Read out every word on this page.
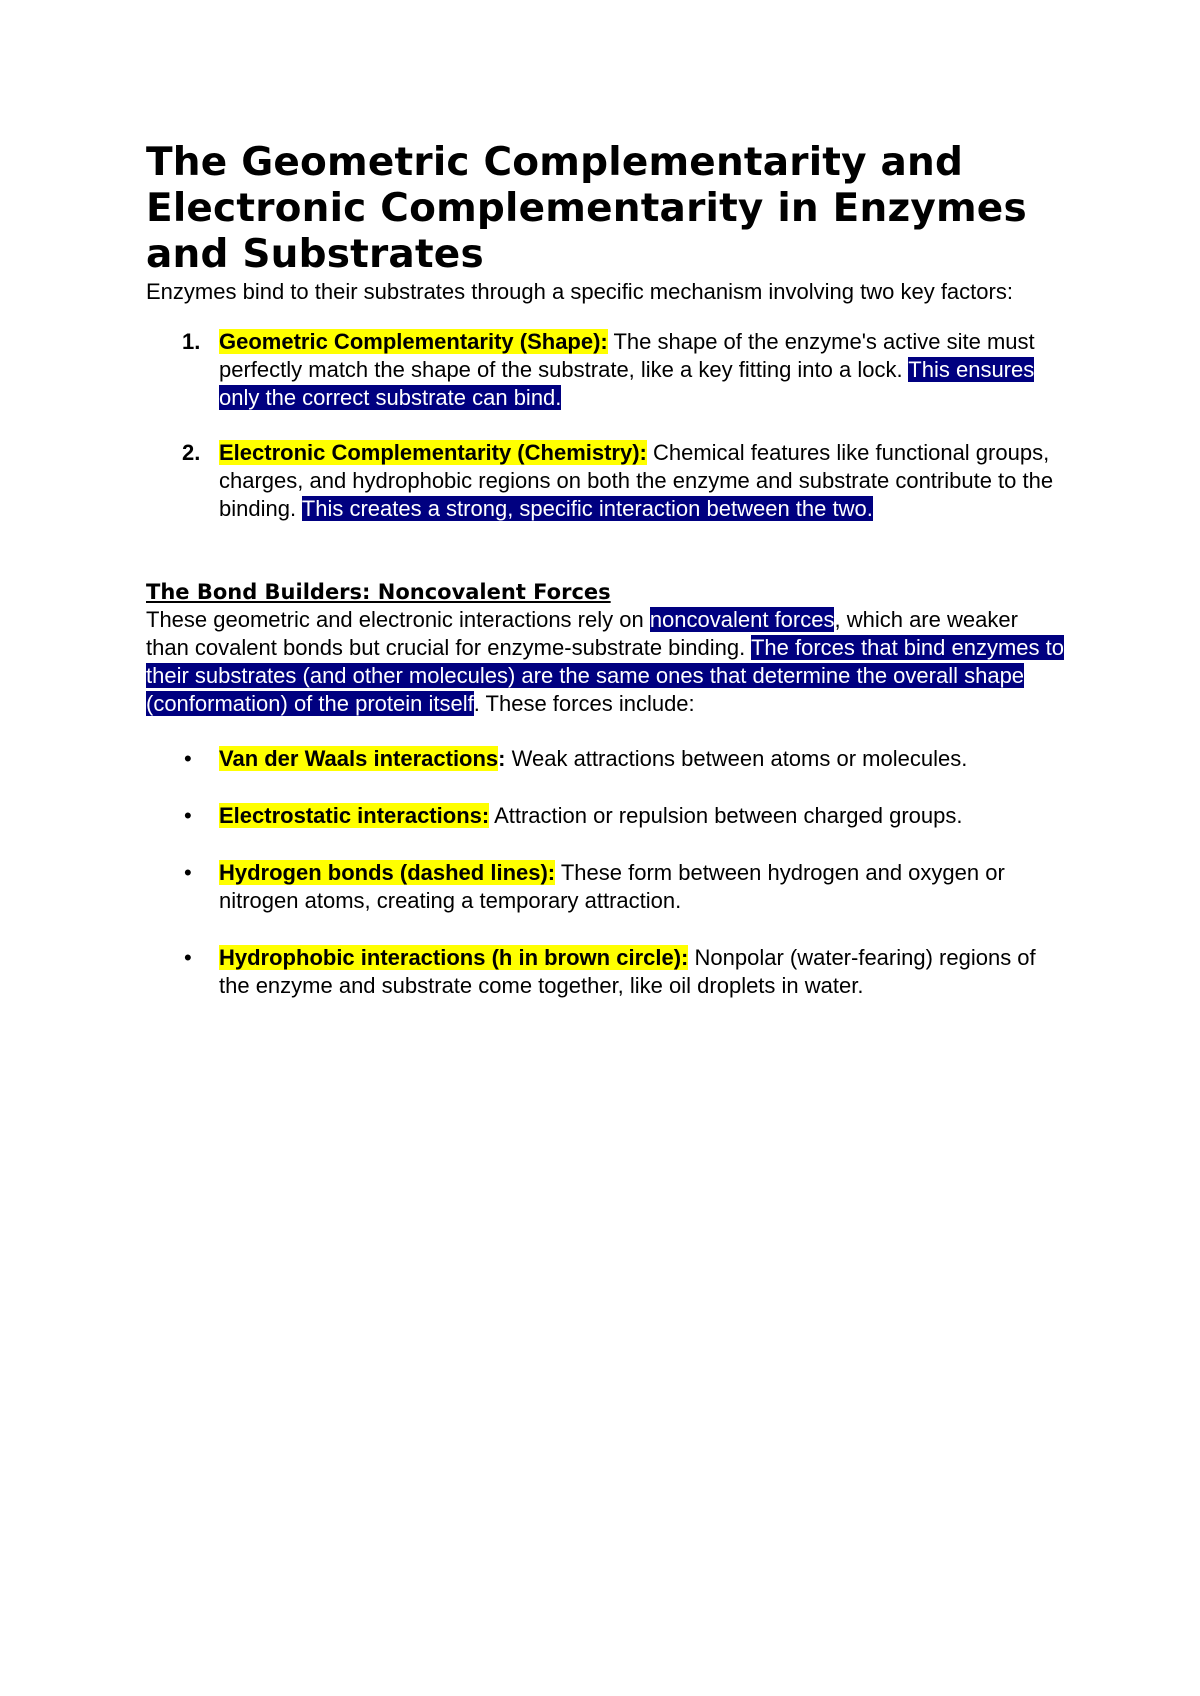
The Geometric Complementarity and Electronic Complementarity in Enzymes and Substrates

Enzymes bind to their substrates through a specific mechanism involving two key factors:

1. Geometric Complementarity (Shape): The shape of the enzyme's active site must perfectly match the shape of the substrate, like a key fitting into a lock. This ensures only the correct substrate can bind.
2. Electronic Complementarity (Chemistry): Chemical features like functional groups, charges, and hydrophobic regions on both the enzyme and substrate contribute to the binding. This creates a strong, specific interaction between the two.
The Bond Builders: Noncovalent Forces

These geometric and electronic interactions rely on noncovalent forces, which are weaker than covalent bonds but crucial for enzyme-substrate binding. The forces that bind enzymes to their substrates (and other molecules) are the same ones that determine the overall shape (conformation) of the protein itself. These forces include:

• Van der Waals interactions: Weak attractions between atoms or molecules.
• Electrostatic interactions: Attraction or repulsion between charged groups.
• Hydrogen bonds (dashed lines): These form between hydrogen and oxygen or nitrogen atoms, creating a temporary attraction.
• Hydrophobic interactions (h in brown circle): Nonpolar (water-fearing) regions of the enzyme and substrate come together, like oil droplets in water.
